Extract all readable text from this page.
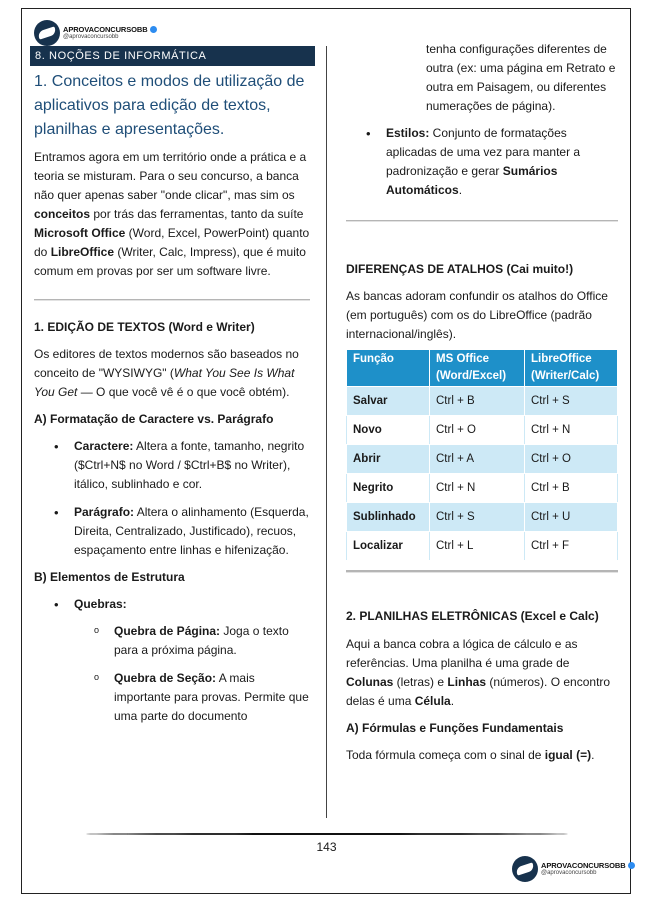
APROVACONCURSOBB
@aprovaconcursobb
8. NOÇÕES DE INFORMÁTICA
1. Conceitos e modos de utilização de aplicativos para edição de textos, planilhas e apresentações.

Entramos agora em um território onde a prática e a teoria se misturam. Para o seu concurso, a banca não quer apenas saber "onde clicar", mas sim os conceitos por trás das ferramentas, tanto da suíte Microsoft Office (Word, Excel, PowerPoint) quanto do LibreOffice (Writer, Calc, Impress), que é muito comum em provas por ser um software livre.

1. EDIÇÃO DE TEXTOS (Word e Writer)

Os editores de textos modernos são baseados no conceito de "WYSIWYG" (What You See Is What You Get — O que você vê é o que você obtém).

A) Formatação de Caractere vs. Parágrafo

• Caractere: Altera a fonte, tamanho, negrito ($Ctrl+N$ no Word / $Ctrl+B$ no Writer), itálico, sublinhado e cor.
• Parágrafo: Altera o alinhamento (Esquerda, Direita, Centralizado, Justificado), recuos, espaçamento entre linhas e hifenização.

B) Elementos de Estrutura

• Quebras:
o Quebra de Página: Joga o texto para a próxima página.
o Quebra de Seção: A mais importante para provas. Permite que uma parte do documento

tenha configurações diferentes de outra (ex: uma página em Retrato e outra em Paisagem, ou diferentes numerações de página).

• Estilos: Conjunto de formatações aplicadas de uma vez para manter a padronização e gerar Sumários Automáticos.

DIFERENÇAS DE ATALHOS (Cai muito!)

As bancas adoram confundir os atalhos do Office (em português) com os do LibreOffice (padrão internacional/inglês).

Função	MS Office (Word/Excel)	LibreOffice (Writer/Calc)
Salvar	Ctrl + B	Ctrl + S
Novo	Ctrl + O	Ctrl + N
Abrir	Ctrl + A	Ctrl + O
Negrito	Ctrl + N	Ctrl + B
Sublinhado	Ctrl + S	Ctrl + U
Localizar	Ctrl + L	Ctrl + F

2. PLANILHAS ELETRÔNICAS (Excel e Calc)

Aqui a banca cobra a lógica de cálculo e as referências. Uma planilha é uma grade de Colunas (letras) e Linhas (números). O encontro delas é uma Célula.

A) Fórmulas e Funções Fundamentais

Toda fórmula começa com o sinal de igual (=).

143
APROVACONCURSOBB
@aprovaconcursobb
